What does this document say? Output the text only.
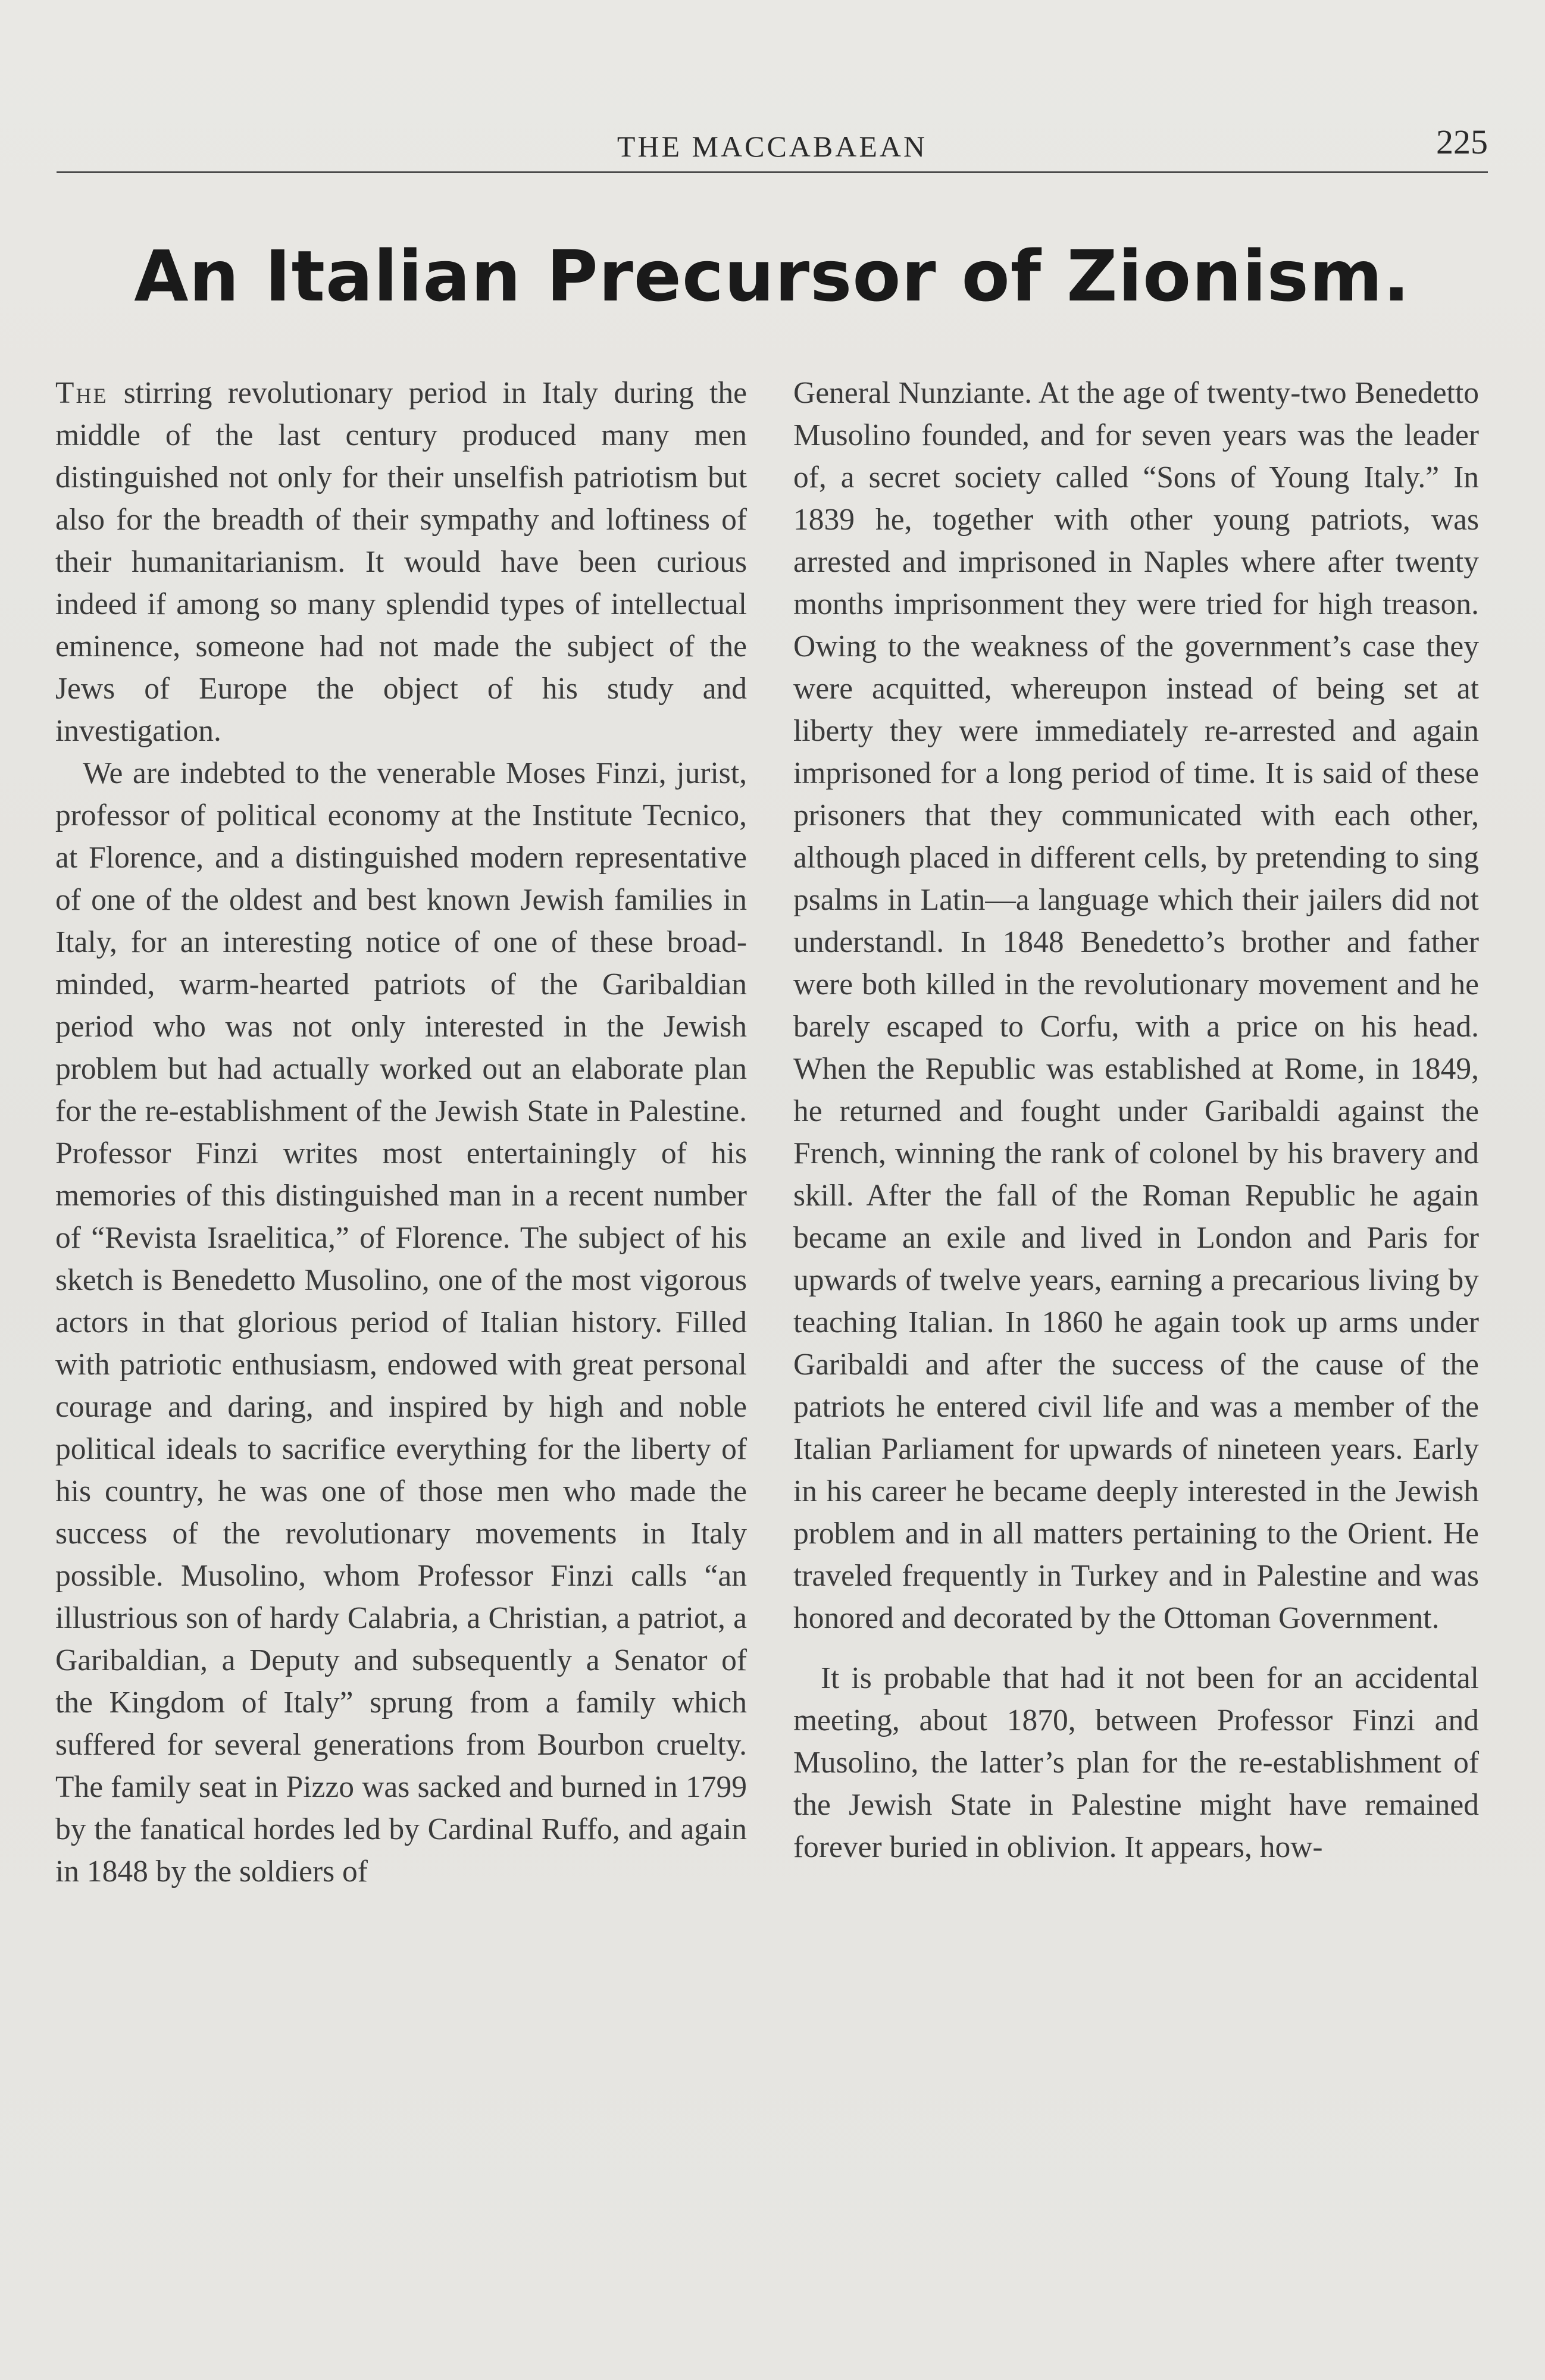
THE MACCABAEAN	225
An Italian Precursor of Zionism.

The stirring revolutionary period in Italy during the middle of the last century produced many men distinguished not only for their unselfish patriotism but also for the breadth of their sympathy and loftiness of their humanitarianism. It would have been curious indeed if among so many splendid types of intellectual eminence, someone had not made the subject of the Jews of Europe the object of his study and investigation.

We are indebted to the venerable Moses Finzi, jurist, professor of political economy at the Institute Tecnico, at Florence, and a distinguished modern representative of one of the oldest and best known Jewish families in Italy, for an interesting notice of one of these broad-minded, warm-hearted patriots of the Garibaldian period who was not only interested in the Jewish problem but had actually worked out an elaborate plan for the re-establishment of the Jewish State in Palestine. Professor Finzi writes most entertainingly of his memories of this distinguished man in a recent number of “Revista Israelitica,” of Florence. The subject of his sketch is Benedetto Musolino, one of the most vigorous actors in that glorious period of Italian history. Filled with patriotic enthusiasm, endowed with great personal courage and daring, and inspired by high and noble political ideals to sacrifice everything for the liberty of his country, he was one of those men who made the success of the revolutionary movements in Italy possible. Musolino, whom Professor Finzi calls “an illustrious son of hardy Calabria, a Christian, a patriot, a Garibaldian, a Deputy and subsequently a Senator of the Kingdom of Italy” sprung from a family which suffered for several generations from Bourbon cruelty. The family seat in Pizzo was sacked and burned in 1799 by the fanatical hordes led by Cardinal Ruffo, and again in 1848 by the soldiers of

General Nunziante. At the age of twenty-two Benedetto Musolino founded, and for seven years was the leader of, a secret society called “Sons of Young Italy.” In 1839 he, together with other young patriots, was arrested and imprisoned in Naples where after twenty months imprisonment they were tried for high treason. Owing to the weakness of the government’s case they were acquitted, whereupon instead of being set at liberty they were immediately re-arrested and again imprisoned for a long period of time. It is said of these prisoners that they communicated with each other, although placed in different cells, by pretending to sing psalms in Latin—a language which their jailers did not understandl. In 1848 Benedetto’s brother and father were both killed in the revolutionary movement and he barely escaped to Corfu, with a price on his head. When the Republic was established at Rome, in 1849, he returned and fought under Garibaldi against the French, winning the rank of colonel by his bravery and skill. After the fall of the Roman Republic he again became an exile and lived in London and Paris for upwards of twelve years, earning a precarious living by teaching Italian. In 1860 he again took up arms under Garibaldi and after the success of the cause of the patriots he entered civil life and was a member of the Italian Parliament for upwards of nineteen years. Early in his career he became deeply interested in the Jewish problem and in all matters pertaining to the Orient. He traveled frequently in Turkey and in Palestine and was honored and decorated by the Ottoman Government.

It is probable that had it not been for an accidental meeting, about 1870, between Professor Finzi and Musolino, the latter’s plan for the re-establishment of the Jewish State in Palestine might have remained forever buried in oblivion. It appears, how-
